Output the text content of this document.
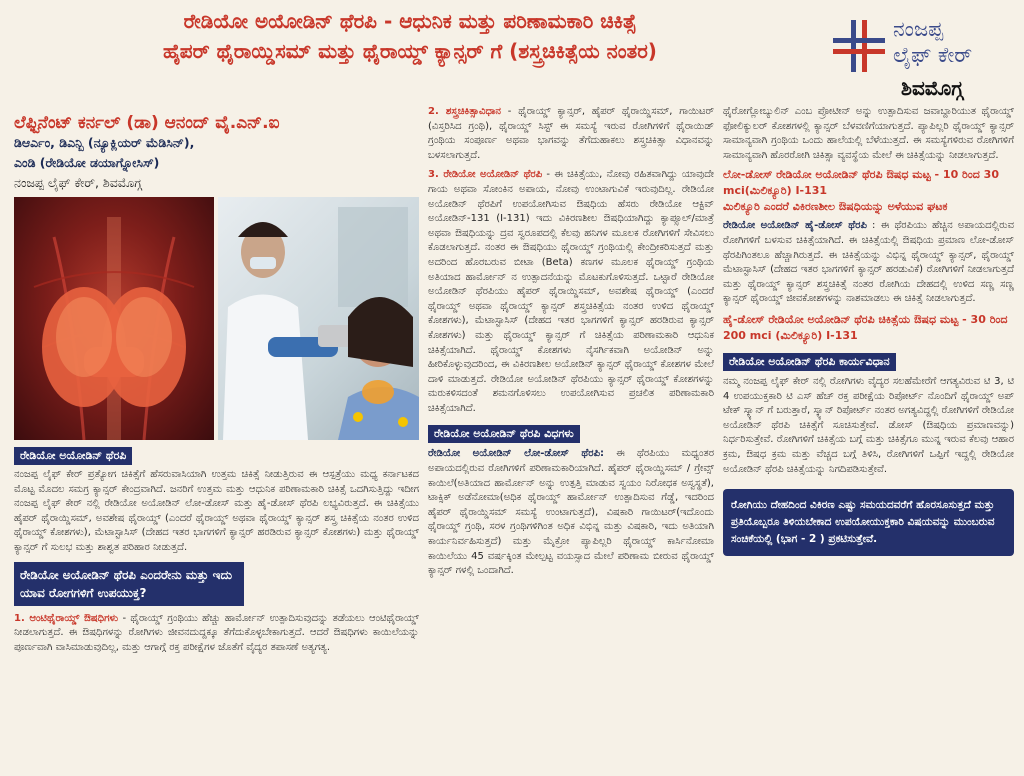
ರೇಡಿಯೋ ಅಯೋಡಿನ್ ಥೆರಪಿ - ಆಧುನಿಕ ಮತ್ತು ಪರಿಣಾಮಕಾರಿ ಚಿಕಿತ್ಸೆ
ಹೈಪರ್ ಥೈರಾಯ್ಡಿಸಮ್ ಮತ್ತು ಥೈರಾಯ್ಡ್ ಕ್ಯಾನ್ಸರ್ ಗೆ (ಶಸ್ತ್ರಚಿಕಿತ್ಸೆಯ ನಂತರ)
ನಂಜಪ್ಪ
ಲೈಫ್ ಕೇರ್
ಶಿವಮೊಗ್ಗ
ಲೆಫ್ಟಿನೆಂಟ್ ಕರ್ನಲ್ (ಡಾ) ಆನಂದ್ ವೈ.ಎನ್.ಐ
ಡಿಆರ್ಎಂ, ಡಿಎನ್ಬಿ (ನ್ಯೂಕ್ಲಿಯರ್ ಮೆಡಿಸಿನ್),
ಎಂಡಿ (ರೇಡಿಯೋ ಡಯಾಗ್ನೋಸಿಸ್)
ನಂಜಪ್ಪ ಲೈಫ್ ಕೇರ್, ಶಿವಮೊಗ್ಗ
ರೇಡಿಯೋ ಅಯೋಡಿನ್ ಥೆರಪಿ
ನಂಜಪ್ಪ ಲೈಫ್ ಕೇರ್ ಪ್ರತ್ಯೋಗ ಚಿಕಿತ್ಸೆಗೆ ಹೆಸರುವಾಸಿಯಾಗಿ ಉತ್ತಮ ಚಿಕಿತ್ಸೆ ನೀಡುತ್ತಿರುವ ಈ ಆಸ್ಪತ್ರೆಯು ಮಧ್ಯ ಕರ್ನಾಟಕದ ಮೊಟ್ಟ ಮೊದಲ ಸಮಗ್ರ ಕ್ಯಾನ್ಸರ್ ಕೇಂದ್ರವಾಗಿದೆ. ಜನರಿಗೆ ಉತ್ತಮ ಮತ್ತು ಆಧುನಿಕ ಪರಿಣಾಮಕಾರಿ ಚಿಕಿತ್ಸೆ ಒದಗಿಸುತ್ತಿದ್ದು ಇದೀಗ ನಂಜಪ್ಪ ಲೈಫ್ ಕೇರ್ ನಲ್ಲಿ ರೇಡಿಯೋ ಅಯೋಡಿನ್ ಲೋ-ಡೋಸ್ ಮತ್ತು ಹೈ-ಡೋಸ್ ಥೆರಪಿ ಲಭ್ಯವಿರುತ್ತದೆ. ಈ ಚಿಕಿತ್ಸೆಯು ಹೈಪರ್ ಥೈರಾಯ್ಡಿಸಮ್, ಅವಶೇಷ ಥೈರಾಯ್ಡ್ (ಎಂದರೆ ಥೈರಾಯ್ಡ್ ಅಥವಾ ಥೈರಾಯ್ಡ್ ಕ್ಯಾನ್ಸರ್ ಶಸ್ತ್ರ ಚಿಕಿತ್ಸೆಯ ನಂತರ ಉಳಿದ ಥೈರಾಯ್ಡ್ ಕೋಶಗಳು), ಮೆಟಾಸ್ಟಾಸಿಸ್ (ದೇಹದ ಇತರ ಭಾಗಗಳಿಗೆ ಕ್ಯಾನ್ಸರ್ ಹರಡಿರುವ ಕ್ಯಾನ್ಸರ್ ಕೋಶಗಳು) ಮತ್ತು ಥೈರಾಯ್ಡ್ ಕ್ಯಾನ್ಸರ್ ಗೆ ಸುಲಭ ಮತ್ತು ಶಾಶ್ವತ ಪರಿಹಾರ ನೀಡುತ್ತದೆ.
ರೇಡಿಯೋ ಅಯೋಡಿನ್ ಥೆರಪಿ ಎಂದರೇನು ಮತ್ತು ಇದು ಯಾವ ರೋಗಗಳಿಗೆ ಉಪಯುಕ್ತ?
1. ಆಂಟಿಥೈರಾಯ್ಡ್ ಔಷಧಿಗಳು - ಥೈರಾಯ್ಡ್ ಗ್ರಂಥಿಯು ಹೆಚ್ಚು ಹಾರ್ಮೋನ್ ಉತ್ಪಾದಿಸುವುದನ್ನು ತಡೆಯಲು ಆಂಟಿಥೈರಾಯ್ಡ್ ನೀಡಲಾಗುತ್ತದೆ. ಈ ಔಷಧಿಗಳನ್ನು ರೋಗಿಗಳು ಜೀವನದುದ್ದಕ್ಕೂ ತೆಗೆದುಕೊಳ್ಳಬೇಕಾಗುತ್ತದೆ. ಆದರೆ ಔಷಧಿಗಳು ಕಾಯಿಲೆಯನ್ನು ಪೂರ್ಣವಾಗಿ ವಾಸಿಮಾಡುವುದಿಲ್ಲ, ಮತ್ತು ಆಗಾಗ್ಗೆ ರಕ್ತ ಪರೀಕ್ಷೆಗಳ ಜೊತೆಗೆ ವೈದ್ಯರ ತಪಾಸಣೆ ಅತ್ಯಗತ್ಯ.
2. ಶಸ್ತ್ರಚಿಕಿತ್ಸಾವಿಧಾನ - ಥೈರಾಯ್ಡ್ ಕ್ಯಾನ್ಸರ್, ಹೈಪರ್ ಥೈರಾಯ್ಡಿಸಮ್, ಗಾಯಿಟರ್ (ವಿಸ್ತರಿಸಿದ ಗ್ರಂಥಿ), ಥೈರಾಯ್ಡ್ ಸಿಸ್ಟ್ ಈ ಸಮಸ್ಯೆ ಇರುವ ರೋಗಿಗಳಿಗೆ ಥೈರಾಯಿಡ್ ಗ್ರಂಥಿಯ ಸಂಪೂರ್ಣ ಅಥವಾ ಭಾಗವನ್ನು ತೆಗೆದುಹಾಕಲು ಶಸ್ತ್ರಚಿಕಿತ್ಸಾ ವಿಧಾನವನ್ನು ಬಳಸಲಾಗುತ್ತದೆ.
3. ರೇಡಿಯೋ ಅಯೋಡಿನ್ ಥೆರಪಿ - ಈ ಚಿಕಿತ್ಸೆಯು, ನೋವು ರಹಿತವಾಗಿದ್ದು ಯಾವುದೇ ಗಾಯ ಅಥವಾ ಸೋಂಕಿನ ಅಪಾಯ, ನೋವು ಉಂಟಾಗುವಿಕೆ ಇರುವುದಿಲ್ಲ. ರೇಡಿಯೋ ಅಯೋಡಿನ್ ಥೆರಪಿಗೆ ಉಪಯೋಗಿಸುವ ಔಷಧಿಯ ಹೆಸರು ರೇಡಿಯೋ ಆಕ್ಟಿವ್ ಅಯೋಡಿನ್-131 (I-131) ಇದು ವಿಕಿರಣಶೀಲ ಔಷಧಿಯಾಗಿದ್ದು ಕ್ಯಾಪ್ಸೂಲ್/ಮಾತ್ರೆ ಅಥವಾ ಔಷಧಿಯನ್ನು ದ್ರವ ಸ್ವರೂಪದಲ್ಲಿ ಕೆಲವು ಹನಿಗಳ ಮೂಲಕ ರೋಗಿಗಳಿಗೆ ಸೇವಿಸಲು ಕೊಡಲಾಗುತ್ತದೆ. ನಂತರ ಈ ಔಷಧಿಯು ಥೈರಾಯ್ಡ್ ಗ್ರಂಥಿಯಲ್ಲಿ ಕೇಂದ್ರೀಕರಿಸುತ್ತದೆ ಮತ್ತು ಅದರಿಂದ ಹೊರಬರುವ ಬೀಟಾ (Beta) ಕಣಗಳ ಮೂಲಕ ಥೈರಾಯ್ಡ್ ಗ್ರಂಥಿಯ ಅತಿಯಾದ ಹಾರ್ಮೋನ್ ನ ಉತ್ಪಾದನೆಯನ್ನು ಮೊಟಕುಗೊಳಿಸುತ್ತದೆ. ಒಟ್ಟಾರೆ ರೇಡಿಯೋ ಅಯೋಡಿನ್ ಥೆರಪಿಯು ಹೈಪರ್ ಥೈರಾಯ್ಡಿಸಮ್, ಅವಶೇಷ ಥೈರಾಯ್ಡ್ (ಎಂದರೆ ಥೈರಾಯ್ಡ್ ಅಥವಾ ಥೈರಾಯ್ಡ್ ಕ್ಯಾನ್ಸರ್ ಶಸ್ತ್ರಚಿಕಿತ್ಸೆಯ ನಂತರ ಉಳಿದ ಥೈರಾಯ್ಡ್ ಕೋಶಗಳು), ಮೆಟಾಸ್ಟಾಸಿಸ್ (ದೇಹದ ಇತರ ಭಾಗಗಳಿಗೆ ಕ್ಯಾನ್ಸರ್ ಹರಡಿರುವ ಕ್ಯಾನ್ಸರ್ ಕೋಶಗಳು) ಮತ್ತು ಥೈರಾಯ್ಡ್ ಕ್ಯಾನ್ಸರ್ ಗೆ ಚಿಕಿತ್ಸೆಯ ಪರಿಣಾಮಕಾರಿ ಆಧುನಿಕ ಚಿಕಿತ್ಸೆಯಾಗಿದೆ. ಥೈರಾಯ್ಡ್ ಕೋಶಗಳು ನೈಸರ್ಗಿಕವಾಗಿ ಅಯೋಡಿನ್ ಅನ್ನು ಹೀರಿಕೊಳ್ಳುವುದರಿಂದ, ಈ ವಿಕಿರಣಶೀಲ ಅಯೋಡಿನ್ ಕ್ಯಾನ್ಸರ್ ಥೈರಾಯ್ಡ್ ಕೋಶಗಳ ಮೇಲೆ ದಾಳಿ ಮಾಡುತ್ತದೆ. ರೇಡಿಯೋ ಅಯೋಡಿನ್ ಥೆರಪಿಯು ಕ್ಯಾನ್ಸರ್ ಥೈರಾಯ್ಡ್ ಕೋಶಗಳನ್ನು ಮರುಕಳಿಸದಂತೆ ಶಮನಗೊಳಿಸಲು ಉಪಯೋಗಿಸುವ ಪ್ರಚಲಿತ ಪರಿಣಾಮಕಾರಿ ಚಿಕಿತ್ಸೆಯಾಗಿದೆ.
ರೇಡಿಯೋ ಅಯೋಡಿನ್ ಥೆರಪಿ ವಿಧಗಳು
ರೇಡಿಯೋ ಅಯೋಡಿನ್ ಲೋ-ಡೋಸ್ ಥೆರಪಿ: ಈ ಥೆರಪಿಯು ಮಧ್ಯಂತರ ಅಪಾಯದಲ್ಲಿರುವ ರೋಗಿಗಳಿಗೆ ಪರಿಣಾಮಕಾರಿಯಾಗಿದೆ. ಹೈಪರ್ ಥೈರಾಯ್ಡಿಸಮ್ / ಗ್ರೇವ್ಸ್ ಕಾಯಿಲೆ(ಅತಿಯಾದ ಹಾರ್ಮೋನ್ ಅನ್ನು ಉತ್ಪತ್ತಿ ಮಾಡುವ ಸ್ವಯಂ ನಿರೋಧಕ ಅಸ್ವಸ್ಥತೆ), ಟಾಕ್ಸಿಕ್ ಅಡೆನೋಮಾ(ಅಧಿಕ ಥೈರಾಯ್ಡ್ ಹಾರ್ಮೋನ್ ಉತ್ಪಾದಿಸುವ ಗೆಡ್ಡೆ, ಇದರಿಂದ ಹೈಪರ್ ಥೈರಾಯ್ಡಿಸಮ್ ಸಮಸ್ಯೆ ಉಂಟಾಗುತ್ತದೆ), ವಿಷಕಾರಿ ಗಾಯಿಟರ್(ಇದೊಂದು ಥೈರಾಯ್ಡ್ ಗ್ರಂಥಿ, ಸರಳ ಗ್ರಂಥಿಗಳಿಗಿಂತ ಅಧಿಕ ವಿಭಿನ್ನ ಮತ್ತು ವಿಷಕಾರಿ, ಇದು ಅತಿಯಾಗಿ ಕಾರ್ಯನಿರ್ವಹಿಸುತ್ತದೆ) ಮತ್ತು ಮೈಕ್ರೋ ಪ್ಯಾಪಿಲ್ಲರಿ ಥೈರಾಯ್ಡ್ ಕಾರ್ಸಿನೋಮಾ ಕಾಯಿಲೆಯು 45 ವರ್ಷಕ್ಕಿಂತ ಮೇಲ್ಪಟ್ಟ ವಯಸ್ಸಾದ ಮೇಲೆ ಪರಿಣಾಮ ಬೀರುವ ಥೈರಾಯ್ಡ್ ಕ್ಯಾನ್ಸರ್ ಗಳಲ್ಲಿ ಒಂದಾಗಿದೆ.
ಥೈರೋಗ್ಲೋಬ್ಯುಲಿನ್ ಎಂಬ ಪ್ರೋಟೀನ್ ಅನ್ನು ಉತ್ಪಾದಿಸುವ ಜವಾಬ್ದಾರಿಯುತ ಥೈರಾಯ್ಡ್ ಫೋಲಿಕ್ಯುಲರ್ ಕೋಶಗಳಲ್ಲಿ ಕ್ಯಾನ್ಸರ್ ಬೆಳವಣಿಗೆಯಾಗುತ್ತದೆ. ಪ್ಯಾಪಿಲ್ಲರಿ ಥೈರಾಯ್ಡ್ ಕ್ಯಾನ್ಸರ್ ಸಾಮಾನ್ಯವಾಗಿ ಗ್ರಂಥಿಯ ಒಂದು ಹಾಲೆಯಲ್ಲಿ ಬೆಳೆಯುತ್ತದೆ. ಈ ಸಮಸ್ಯೆಗಳಿರುವ ರೋಗಿಗಳಿಗೆ ಸಾಮಾನ್ಯವಾಗಿ ಹೊರರೋಗಿ ಚಿಕಿತ್ಸಾ ವ್ಯವಸ್ಥೆಯ ಮೇಲೆ ಈ ಚಿಕಿತ್ಸೆಯನ್ನು ನೀಡಲಾಗುತ್ತದೆ.
ಲೋ-ಡೋಸ್ ರೇಡಿಯೋ ಅಯೋಡಿನ್ ಥೆರಪಿ ಔಷಧ ಮಟ್ಟ - 10 ರಿಂದ 30 mci(ಮಿಲಿಕ್ಯೂರಿ) I-131
ಮಿಲಿಕ್ಯೂರಿ ಎಂದರೆ ವಿಕಿರಣಶೀಲ ಔಷಧಿಯನ್ನು ಅಳೆಯುವ ಘಟಕ
ರೇಡಿಯೋ ಅಯೋಡಿನ್ ಹೈ-ಡೋಸ್ ಥೆರಪಿ : ಈ ಥೆರಪಿಯು ಹೆಚ್ಚಿನ ಅಪಾಯದಲ್ಲಿರುವ ರೋಗಿಗಳಿಗೆ ಬಳಸುವ ಚಿಕಿತ್ಸೆಯಾಗಿದೆ. ಈ ಚಿಕಿತ್ಸೆಯಲ್ಲಿ ಔಷಧಿಯ ಪ್ರಮಾಣ ಲೋ-ಡೋಸ್ ಥೆರಪಿಗಿಂತಲೂ ಹೆಚ್ಚಾಗಿರುತ್ತದೆ. ಈ ಚಿಕಿತ್ಸೆಯನ್ನು ವಿಭಿನ್ನ ಥೈರಾಯ್ಡ್ ಕ್ಯಾನ್ಸರ್, ಥೈರಾಯ್ಡ್ ಮೆಟಾಸ್ಟಾಸಿಸ್ (ದೇಹದ ಇತರ ಭಾಗಗಳಿಗೆ ಕ್ಯಾನ್ಸರ್ ಹರಡುವಿಕೆ) ರೋಗಿಗಳಿಗೆ ನೀಡಲಾಗುತ್ತದೆ ಮತ್ತು ಥೈರಾಯ್ಡ್ ಕ್ಯಾನ್ಸರ್ ಶಸ್ತ್ರಚಿಕಿತ್ಸೆ ನಂತರ ರೋಗಿಯ ದೇಹದಲ್ಲಿ ಉಳಿದ ಸಣ್ಣ ಸಣ್ಣ ಕ್ಯಾನ್ಸರ್ ಥೈರಾಯ್ಡ್ ಜೀವಕೋಶಗಳನ್ನು ನಾಶಮಾಡಲು ಈ ಚಿಕಿತ್ಸೆ ನೀಡಲಾಗುತ್ತದೆ.
ಹೈ-ಡೋಸ್ ರೇಡಿಯೋ ಅಯೋಡಿನ್ ಥೆರಪಿ ಚಿಕಿತ್ಸೆಯ ಔಷಧ ಮಟ್ಟ - 30 ರಿಂದ 200 mci (ಮಿಲಿಕ್ಯೂರಿ) I-131
ರೇಡಿಯೋ ಅಯೋಡಿನ್ ಥೆರಪಿ ಕಾರ್ಯವಿಧಾನ
ನಮ್ಮ ನಂಜಪ್ಪ ಲೈಫ್ ಕೇರ್ ನಲ್ಲಿ ರೋಗಿಗಳು ವೈದ್ಯರ ಸಲಹೆಮೇರೆಗೆ ಆಗತ್ಯವಿರುವ ಟಿ 3, ಟಿ 4 ಉಪಯುಕ್ತಕಾರಿ ಟಿ ಎಸ್ ಹೆಚ್ ರಕ್ತ ಪರೀಕ್ಷೆಯ ರಿಪೋರ್ಟ್ ನೊಂದಿಗೆ ಥೈರಾಯ್ಡ್ ಅಪ್ ಟೇಕ್ ಸ್ಕ್ಯಾನ್ ಗೆ ಬರುತ್ತಾರೆ, ಸ್ಕ್ಯಾನ್ ರಿಪೋರ್ಟ್ ನಂತರ ಅಗತ್ಯವಿದ್ದಲ್ಲಿ ರೋಗಿಗಳಿಗೆ ರೇಡಿಯೋ ಅಯೋಡಿನ್ ಥೆರಪಿ ಚಿಕಿತ್ಸೆಗೆ ಸೂಚಿಸುತ್ತೇವೆ. ಡೋಸ್ (ಔಷಧಿಯ ಪ್ರಮಾಣವನ್ನು) ನಿರ್ಧರಿಸುತ್ತೇವೆ. ರೋಗಿಗಳಿಗೆ ಚಿಕಿತ್ಸೆಯ ಬಗ್ಗೆ ಮತ್ತು ಚಿಕಿತ್ಸೆಗೂ ಮುನ್ನ ಇರುವ ಕೆಲವು ಆಹಾರ ಕ್ರಮ, ಔಷಧ ಕ್ರಮ ಮತ್ತು ವೆಚ್ಚದ ಬಗ್ಗೆ ತಿಳಿಸಿ, ರೋಗಿಗಳಿಗೆ ಒಪ್ಪಿಗೆ ಇದ್ದಲ್ಲಿ ರೇಡಿಯೋ ಅಯೋಡಿನ್ ಥೆರಪಿ ಚಿಕಿತ್ಸೆಯನ್ನು ನಿಗದಿಪಡಿಸುತ್ತೇವೆ.
ರೋಗಿಯು ದೇಹದಿಂದ ವಿಕಿರಣ ಎಷ್ಟು ಸಮಯದವರೆಗೆ ಹೊರಸೂಸುತ್ತದೆ ಮತ್ತು ಪ್ರತಿಯೊಬ್ಬರೂ ತಿಳಿಯಬೇಕಾದ ಉಪಯೋಯುಕ್ತಕಾರಿ ವಿಷಯವನ್ನು ಮುಂಬರುವ ಸಂಚಿಕೆಯಲ್ಲಿ (ಭಾಗ - 2 ) ಪ್ರಕಟಿಸುತ್ತೇವೆ.
